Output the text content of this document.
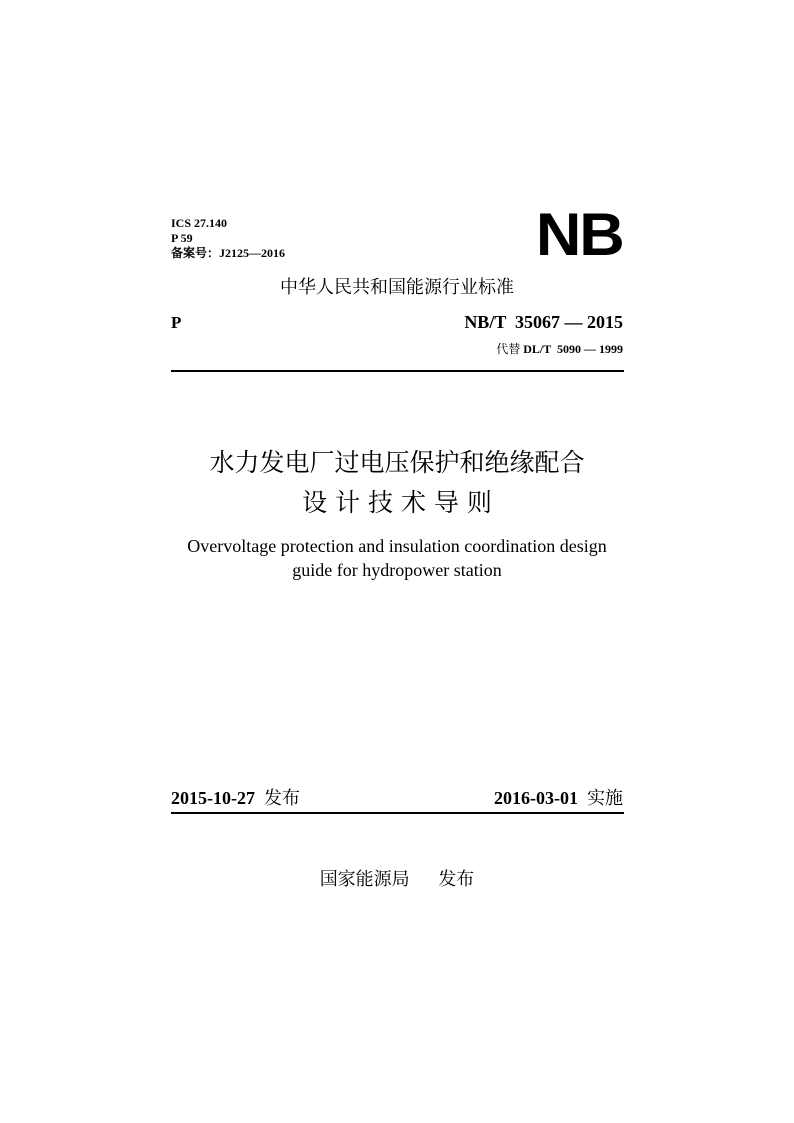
ICS 27.140
P 59
备案号：J2125—2016	NB
中华人民共和国能源行业标准
P	NB/T  35067 — 2015
代替 DL/T  5090 — 1999
水力发电厂过电压保护和绝缘配合
设 计 技 术 导 则
Overvoltage protection and insulation coordination design
guide for hydropower station
2015-10-27 发布	2016-03-01 实施
国家能源局 发布
